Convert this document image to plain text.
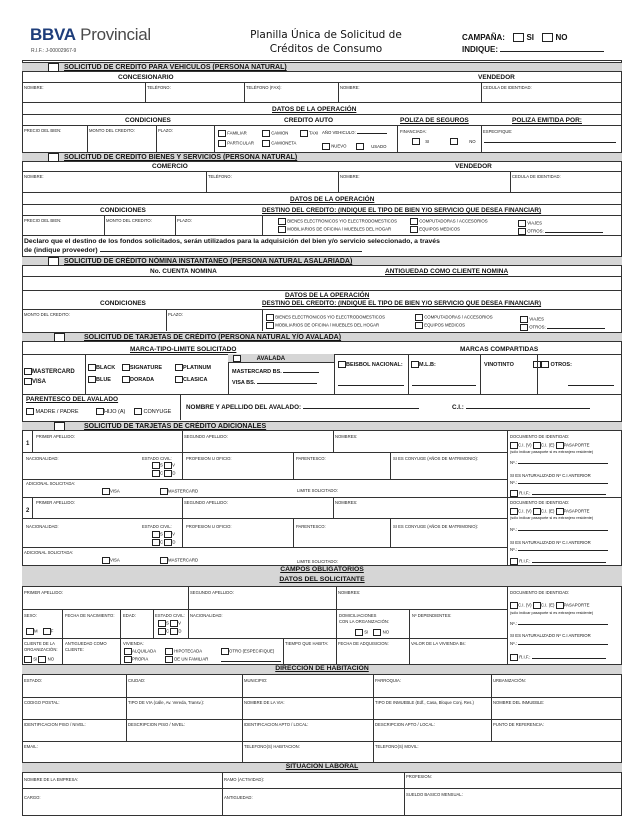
BBVA Provincial
R.I.F.: J-00002967-9
Planilla Única de Solicitud de
Créditos de Consumo
CAMPAÑA:	SI	NO
INDIQUE:
SOLICITUD DE CREDITO PARA VEHICULOS (PERSONA NATURAL)
CONCESIONARIO	VENDEDOR
NOMBRE:	TELÉFONO:	TELÉFONO (FAX):	NOMBRE:	CEDULA DE IDENTIDAD:
DATOS DE LA OPERACIÓN
CONDICIONES	CREDITO AUTO	POLIZA DE SEGUROS	POLIZA EMITIDA POR:
PRECIO DEL BIEN:	MONTO DEL CREDITO:	PLAZO:
FAMILIAR	CAMION	TAXI AÑO VEHICULO:
PARTICULAR	CAMIONETA
NUEVO	USADO
FINANCIADA:
SI	NO
ESPECIFIQUE:
SOLICITUD DE CREDITO BIENES Y SERVICIOS (PERSONA NATURAL)
COMERCIO	VENDEDOR
NOMBRE:	TELÉFONO:	NOMBRE:	CEDULA DE IDENTIDAD:
DATOS DE LA OPERACIÓN
CONDICIONES	DESTINO DEL CREDITO: (INDIQUE EL TIPO DE BIEN Y/O SERVICIO QUE DESEA FINANCIAR)
PRECIO DEL BIEN:	MONTO DEL CREDITO:	PLAZO:	BIENES ELECTRONICOS Y/O ELECTRODOMESTICOS	COMPUTADORAS / ACCESORIOS	VIAJES
MOBILIARIOS DE OFICINA / MUEBLES DEL HOGAR	EQUIPOS MEDICOS	OTROS:
Declaro que el destino de los fondos solicitados, serán utilizados para la adquisición del bien y/o servicio seleccionado, a través
de (indique proveedor)
SOLICITUD DE CRÉDITO NÓMINA INSTANTANEO (PERSONA NATURAL ASALARIADA)
No. CUENTA NOMINA	ANTIGUEDAD COMO CLIENTE NOMINA
DATOS DE LA OPERACIÓN
CONDICIONES	DESTINO DEL CREDITO: (INDIQUE EL TIPO DE BIEN Y/O SERVICIO QUE DESEA FINANCIAR)
MONTO DEL CREDITO:	PLAZO:
BIENES ELECTRONICOS Y/O ELECTRODOMESTICOS	COMPUTADORAS / ACCESORIOS	VIAJES
MOBILIARIOS DE OFICINA / MUEBLES DEL HOGAR	EQUIPOS MEDICOS	OTROS:
SOLICITUD DE TARJETAS DE CRÉDITO (PERSONA NATURAL Y/O AVALADA)
MARCA-TIPO-LIMITE SOLICITADO	MARCAS COMPARTIDAS
MASTERCARD
VISA
BLACK	SIGNATURE	PLATINUM
BLUE	DORADA	CLASICA
AVALADA
MASTERCARD BS.
VISA BS.
BEISBOL NACIONAL:	M.L.B:	VINOTINTO	OTROS:
PARENTESCO DEL AVALADO
MADRE / PADRE	HIJO (A)	CONYUGE
NOMBRE Y APELLIDO DEL AVALADO:	C.I.:
SOLICITUD DE TARJETAS DE CRÉDITO ADICIONALES
1
PRIMER APELLIDO:	SEGUNDO APELLIDO:	NOMBRES:	DOCUMENTO DE IDENTIDAD:
C.I. (V) C.I. (E) PASAPORTE
(sólo indicar pasaporte si es extranjero residente)
Nº.:
SI ES NATURALIZADO Nº C.I ANTERIOR
Nº.:
R.I.F.:
NACIONALIDAD:	ESTADO CIVIL:
S V
C D
PROFESION U OFICIO:	PARENTESCO:	SI ES CONYUGE (AÑOS DE MATRIMONIO):
ADICIONAL SOLICITADA:
VISA	MASTERCARD	LIMITE SOLICITADO:
2
PRIMER APELLIDO:	SEGUNDO APELLIDO:	NOMBRES:	DOCUMENTO DE IDENTIDAD:
C.I. (V) C.I. (E) PASAPORTE
(sólo indicar pasaporte si es extranjero residente)
Nº.:
SI ES NATURALIZADO Nº C.I ANTERIOR
Nº.:
R.I.F.:
NACIONALIDAD:	ESTADO CIVIL:
S V
C D
PROFESION U OFICIO:	PARENTESCO:	SI ES CONYUGE (AÑOS DE MATRIMONIO):
ADICIONAL SOLICITADA:
VISA	MASTERCARD	LIMITE SOLICITADO:
CAMPOS OBLIGATORIOS
DATOS DEL SOLICITANTE
PRIMER APELLIDO:	SEGUNDO APELLIDO:	NOMBRES:	DOCUMENTO DE IDENTIDAD:
C.I. (V) C.I. (E) PASAPORTE
(sólo indicar pasaporte si es extranjero residente)
Nº.:
SI ES NATURALIZADO Nº C.I ANTERIOR
Nº.:
R.I.F.:
SEXO:
M	F
FECHA DE NACIMIENTO: EDAD:	ESTADO CIVIL:
S V
C D
NACIONALIDAD:	DOMICILIACIONES
CON LA ORGANIZACIÓN:
SI	NO
Nº DEPENDIENTES:
CLIENTE DE LA
ORGANIZACIÓN:
SI NO
ANTIGUEDAD COMO
CLIENTE:
VIVIENDA:
ALQUILADA
PROPIA
HIPOTECADA
DE UN FAMILIAR
OTRO (ESPECIFIQUE)
TIEMPO QUE HABITA: FECHA DE ADQUISICION:	VALOR DE LA VIVIENDA Bs:
DIRECCIÓN DE HABITACIÓN
ESTADO:	CIUDAD:	MUNICIPIO:	PARROQUIA:	URBANIZACIÓN:
CODIGO POSTAL:	TIPO DE VIA (calle, Av. Vereda, Transv.):	NOMBRE DE LA VIA:	TIPO DE INMUEBLE (Edf., Casa, Bloque Conj. Res.)	NOMBRE DEL INMUEBLE:
IDENTIFICACION PISO / NIVEL:	DESCRIPCION PISO / NIVEL:	IDENTIFICACION APTO / LOCAL:	DESCRIPCION APTO / LOCAL:	PUNTO DE REFERENCIA:
EMAIL:	TELEFONO(S) HABITACION:	TELEFONO(S) MOVIL:
SITUACION LABORAL
NOMBRE DE LA EMPRESA:	RAMO (ACTIVIDAD):
PROFESION:
CARGO:	ANTIGUEDAD:
SUELDO BASICO MENSUAL:
